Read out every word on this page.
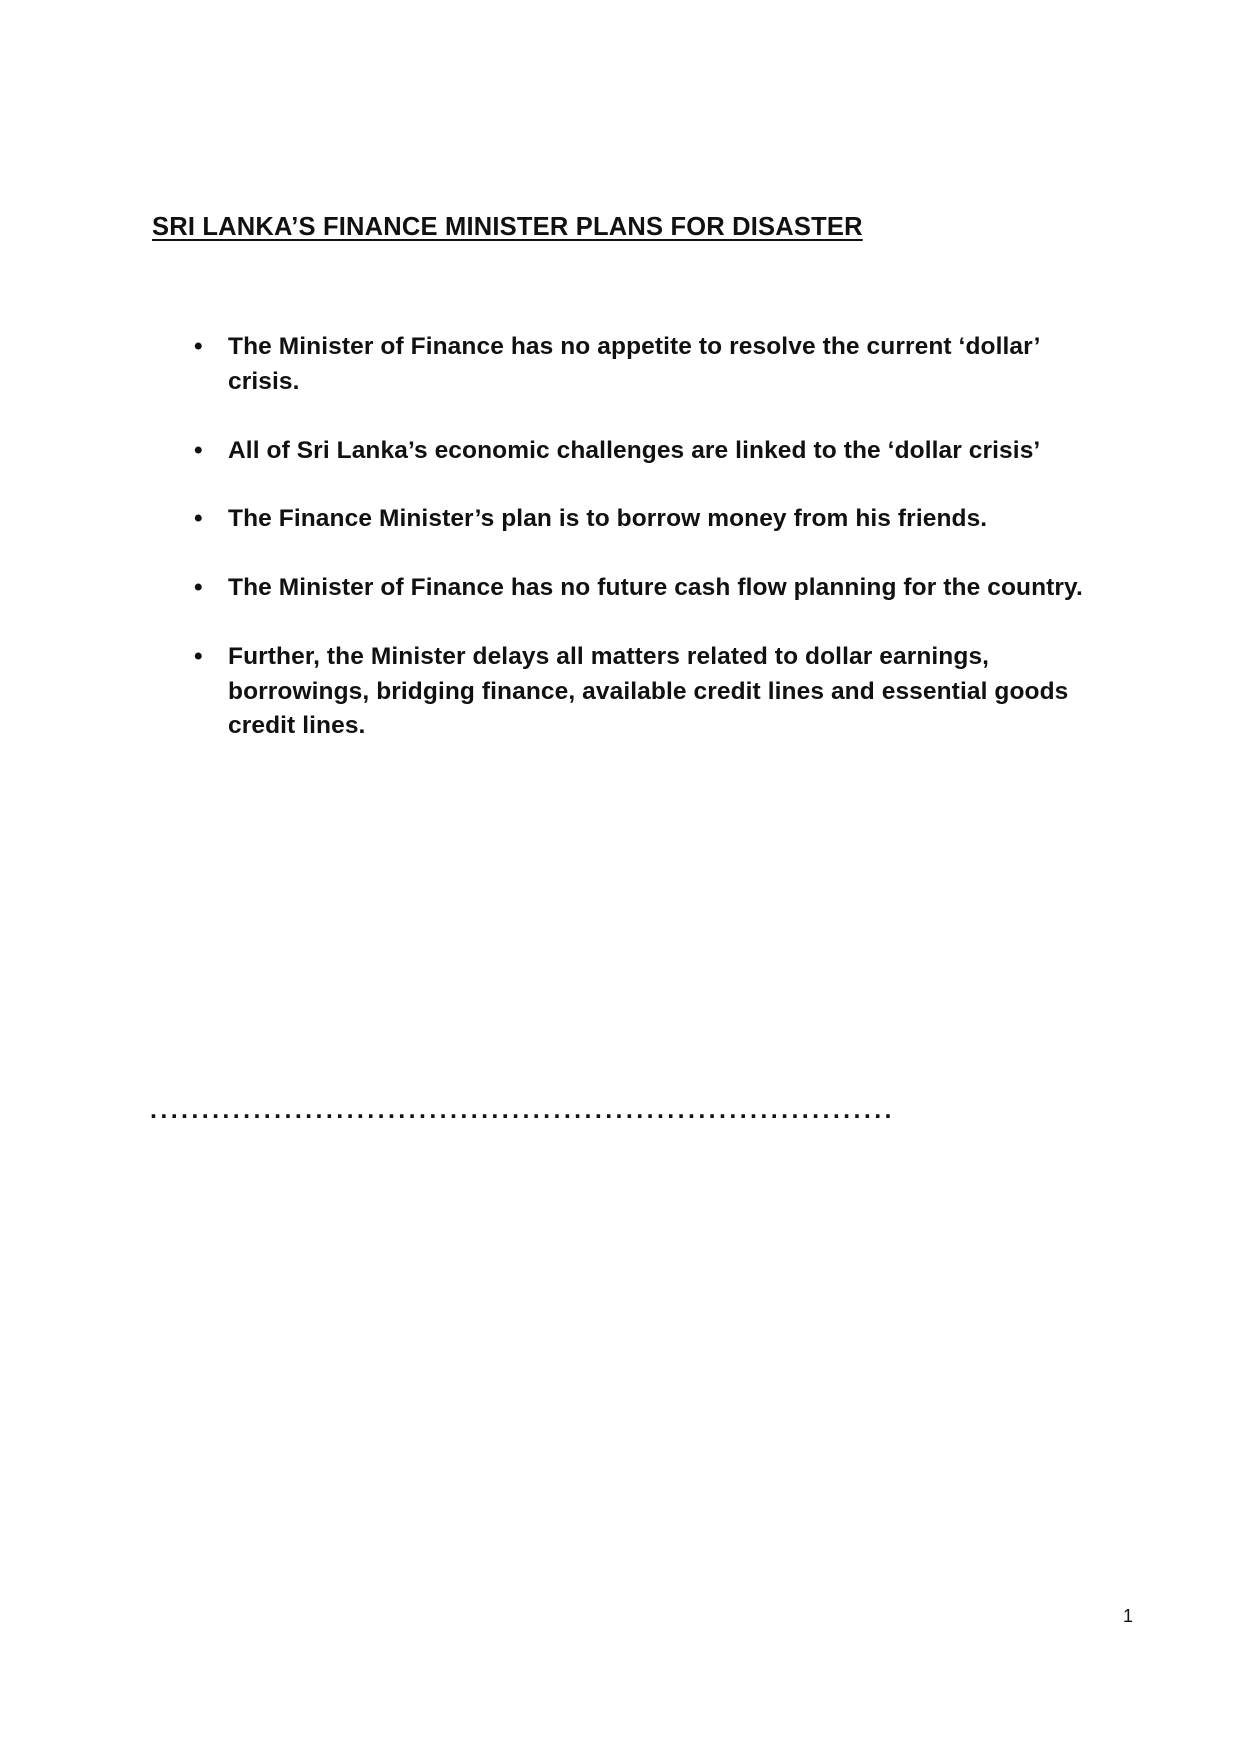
SRI LANKA’S FINANCE MINISTER PLANS FOR DISASTER
• The Minister of Finance has no appetite to resolve the current ‘dollar’ crisis.
• All of Sri Lanka’s economic challenges are linked to the ‘dollar crisis’
• The Finance Minister’s plan is to borrow money from his friends.
• The Minister of Finance has no future cash flow planning for the country.
• Further, the Minister delays all matters related to dollar earnings, borrowings, bridging finance, available credit lines and essential goods credit lines.
........................................................................
1
